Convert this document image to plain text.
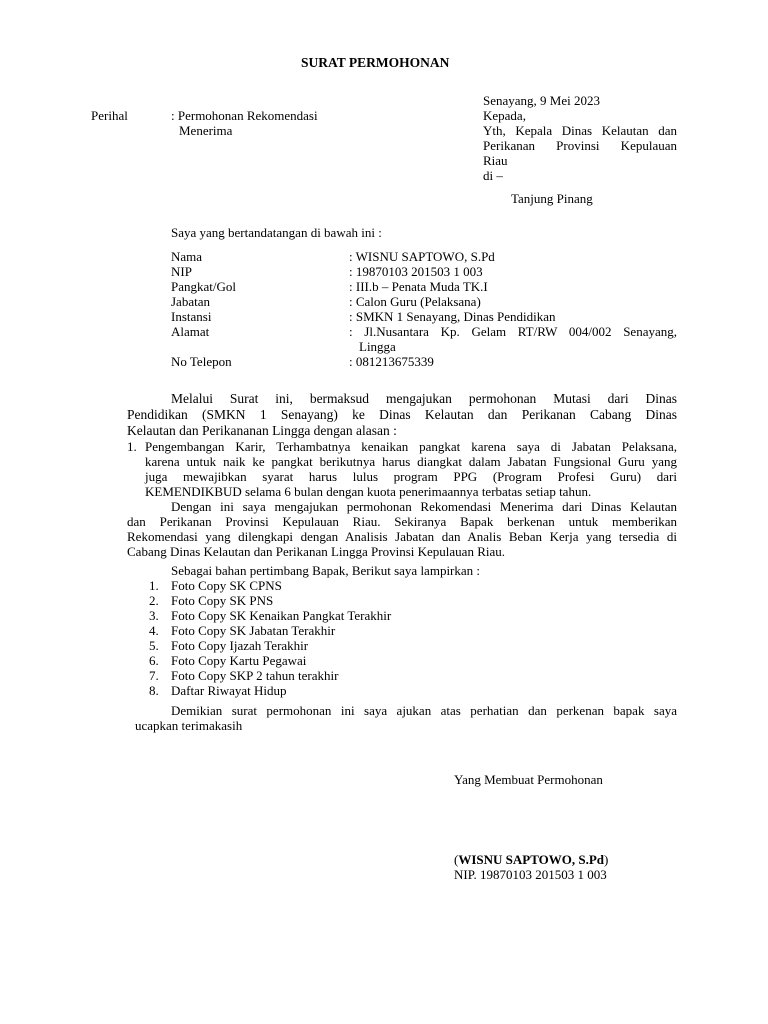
SURAT PERMOHONAN
Senayang, 9 Mei 2023
Kepada,
Yth, Kepala Dinas Kelautan dan
Perikanan Provinsi Kepulauan
Riau
di –
Tanjung Pinang
Perihal	: Permohonan Rekomendasi
Menerima
Saya yang bertandatangan di bawah ini :
Nama	: WISNU SAPTOWO, S.Pd
NIP	: 19870103 201503 1 003
Pangkat/Gol	: III.b – Penata Muda TK.I
Jabatan	: Calon Guru (Pelaksana)
Instansi	: SMKN 1 Senayang, Dinas Pendidikan
Alamat	: Jl.Nusantara Kp. Gelam RT/RW 004/002 Senayang,
Lingga
No Telepon	: 081213675339
Melalui Surat ini, bermaksud mengajukan permohonan Mutasi dari Dinas
Pendidikan (SMKN 1 Senayang) ke Dinas Kelautan dan Perikanan Cabang Dinas
Kelautan dan Perikananan Lingga dengan alasan :
1. Pengembangan Karir, Terhambatnya kenaikan pangkat karena saya di Jabatan Pelaksana,
karena untuk naik ke pangkat berikutnya harus diangkat dalam Jabatan Fungsional Guru yang
juga mewajibkan syarat harus lulus program PPG (Program Profesi Guru) dari
KEMENDIKBUD selama 6 bulan dengan kuota penerimaannya terbatas setiap tahun.
Dengan ini saya mengajukan permohonan Rekomendasi Menerima dari Dinas Kelautan
dan Perikanan Provinsi Kepulauan Riau. Sekiranya Bapak berkenan untuk memberikan
Rekomendasi yang dilengkapi dengan Analisis Jabatan dan Analis Beban Kerja yang tersedia di
Cabang Dinas Kelautan dan Perikanan Lingga Provinsi Kepulauan Riau.
Sebagai bahan pertimbang Bapak, Berikut saya lampirkan :
1. Foto Copy SK CPNS
2. Foto Copy SK PNS
3. Foto Copy SK Kenaikan Pangkat Terakhir
4. Foto Copy SK Jabatan Terakhir
5. Foto Copy Ijazah Terakhir
6. Foto Copy Kartu Pegawai
7. Foto Copy SKP 2 tahun terakhir
8. Daftar Riwayat Hidup
Demikian surat permohonan ini saya ajukan atas perhatian dan perkenan bapak saya
ucapkan terimakasih
Yang Membuat Permohonan
(WISNU SAPTOWO, S.Pd)
NIP. 19870103 201503 1 003
